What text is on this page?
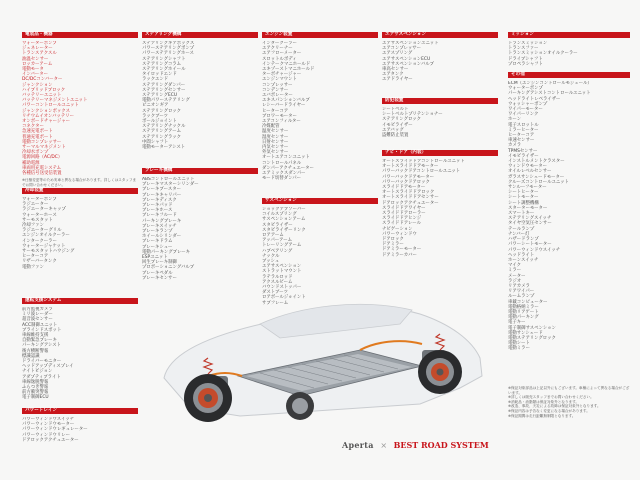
電装品・機器
ウォーターポンプ
ジェネレーター
トランスアクスル
油温センサー
ロッカーアーム
電動モータ
インバーター
DC/DCコンバーター
ジャンクション
ハイブリッドブロック
バッテリーユニット
バッテリーマネジメントユニット
パワーコントロールユニット
ジャンクションボックス
リチウムイオンバッテリー
オンボードチャージャー
コネクター
急速充電ポート
普通充電ポート
電動コンプレッサー
サーマルマネジメント
冷却水ポンプ
電源回路（AC/DC）
補助電源
車両用充電システム
各種信号送受信装置
※仕様変更等のため実車と異なる場合があります。詳しくはスタッフまでお問い合わせください。
冷却装置
ウォーターポンプ
ラジエーター
ラジエーターキャップ
ウォーターホース
サーモスタット
冷却ファン
ラジエーターグリル
エンジンオイルクーラー
インタークーラー
ウォータージャケット
サーモスタットハウジング
ヒーターコア
リザーバータンク
電動ファン
運転支援システム
前方監視カメラ
ミリ波レーダー
超音波センサー
ACC制御ユニット
ブラインドスポット
車線維持支援
自動緊急ブレーキ
パーキングアシスト
後方横断警報
標識認識
ドライバーモニター
ヘッドアップディスプレイ
ナイトビジョン
アダプティブライト
車線逸脱警報
ふらつき警報
前方衝突警報
電子制御ECU
パワートレイン
パワーウィンドウスイッチ
パワーウィンドウモーター
パワーウィンドウレギュレーター
パワーウィンドウリレー
ドアロックアクチュエーター
ステアリング機構
ステアリングギアボックス
パワーステアリングポンプ
パワーステアリングホース
ステアリングシャフト
ステアリングコラム
ステアリングホイール
タイロッドエンド
ラックエンド
ステアリングダンパー
ステアリングセンサー
ステアリングECU
電動パワーステアリング
ピニオンギア
ステアリングロック
ラックブーツ
ボールジョイント
ステアリングナックル
ステアリングアーム
ステアリングラック
中間シャフト
電動モーターアシスト
ブレーキ機構
ABSコントロールユニット
ブレーキマスターシリンダー
ブレーキブースター
ブレーキキャリパー
ブレーキディスク
ブレーキパッド
ブレーキホース
ブレーキフルード
パーキングブレーキ
ブレーキスイッチ
ブレーキランプ
ホイールシリンダー
ブレーキドラム
ブレーキシュー
電動パーキングブレーキ
ESPユニット
回生ブレーキ制御
プロポーショニングバルブ
ブレーキペダル
ブレーキセンサー
エンジン装置
インタークーラー
エアクリーナー
エアフローメーター
スロットルボディ
インテークマニホールド
エキゾーストマニホールド
ターボチャージャー
エンジンマウント
コンプレッサー
コンデンサー
エバポレーター
エキスパンションバルブ
レシーバードライヤー
ヒーターコア
ブロワーモーター
エアコンフィルター
冷媒配管
温度センサー
湿度センサー
日射センサー
内気センサー
外気センサー
オートエアコンユニット
コントロールパネル
ダンパーアクチュエーター
エアミックスダンパー
モード切替ダンパー
サスペンション
ショックアブソーバー
コイルスプリング
サスペンションアーム
スタビライザー
スタビライザーリンク
ロアアーム
アッパーアーム
トレーリングアーム
ハブベアリング
ナックル
ブッシュ
エアサスペンション
ストラットマウント
ラテラルロッド
アクスルビーム
バウンドストッパー
ダストブーツ
ロアボールジョイント
サブフレーム
エアサスペンション
エアサスペンションユニット
エアコンプレッサー
エアスプリング
エアサスペンションECU
エアサスペンションバルブ
車高センサー
エアタンク
エアドライヤー
防犯装置
シートベルト
シートベルトプリテンショナー
ステアリングロック
イモビライザー
エアバッグ
盗難防止装置
ナビ・ドア（内装）
オートスライドドアコントロールユニット
オートスライドドアモーター
パワーバックドアコントロールユニット
パワーバックドアモーター
パワーバックドアロック
スライドドアモーター
オートスライドドアロック
オートスライドドアセンサー
ドアロックアクチュエーター
スライドドアワイヤー
スライドドアローラー
スライドドアヒンジ
スライドドアレール
ナビゲーション
パワーウィンドウ
ドアロック
ドアミラー
ドアミラーモーター
ドアミラーカバー
ミッション
トランスミッション
トランスファー
トランスミッションオイルクーラー
ドライブシャフト
プロペラシャフト
その他
ECM（エンジンコントロールモジュール）
ウォーターポンプ
パーキングアシストコントロールユニット
ヘッドライトレベライザー
ウォッシャーポンプ
ワイパーモーター
ワイパーリンク
ホーン
電子スロットル
ミラーヒーター
ヒーターコア
車速センサー
カメラ
TPMSセンサー
イモビライザー
インストルメントクラスター
ウィンドウモーター
オイルレベルセンサー
ガラスサンシェードモーター
クルーズコントロールユニット
サンルーフモーター
シートヒーター
シートモーター
シート調整機構
スターターモーター
スマートキー
ステアリングスイッチ
タイヤ空気圧センサー
テールランプ
ナンバー灯
ハザードランプ
パワーシートモーター
パワーウィンドウスイッチ
ヘッドライト
ホーンスイッチ
マイク
ミラー
メーター
ラジオ
リアカメラ
リアワイパー
ルームランプ
車載コンピューター
電動格納ミラー
電動リアゲート
電動パーキング
電子キー
電子制御サスペンション
電動サンシェード
電動ステアリングロック
電動シート
電動ミラー
※保証対象部品は上記以外にもございます。車種によって異なる場合がございます。
※詳しくは販売スタッフまでお問い合わせください。
※消耗品・油脂類は保証対象外となります。
※改造、事故、天災による故障は保証対象外となります。
※保証内容は予告なく変更になる場合があります。
※保証期間は走行距離無制限となります。
Aperta × BEST ROAD SYSTEM
